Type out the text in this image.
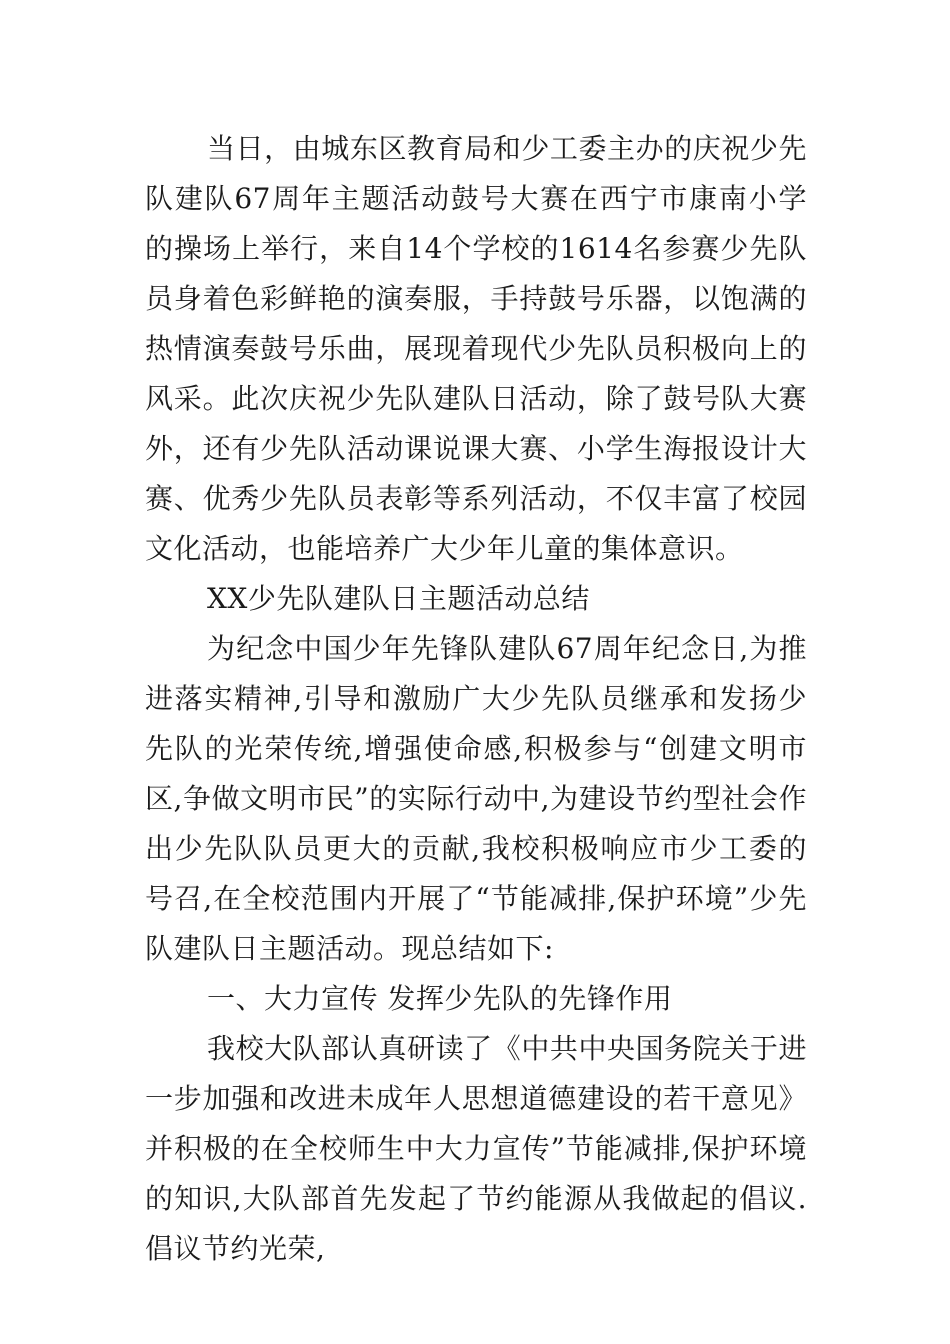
当日，由城东区教育局和少工委主办的庆祝少先队建队67周年主题活动鼓号大赛在西宁市康南小学的操场上举行，来自14个学校的1614名参赛少先队员身着色彩鲜艳的演奏服，手持鼓号乐器，以饱满的热情演奏鼓号乐曲，展现着现代少先队员积极向上的风采。此次庆祝少先队建队日活动，除了鼓号队大赛外，还有少先队活动课说课大赛、小学生海报设计大赛、优秀少先队员表彰等系列活动，不仅丰富了校园文化活动，也能培养广大少年儿童的集体意识。

XX少先队建队日主题活动总结

为纪念中国少年先锋队建队67周年纪念日,为推进落实精神,引导和激励广大少先队员继承和发扬少先队的光荣传统,增强使命感,积极参与“创建文明市区,争做文明市民”的实际行动中,为建设节约型社会作出少先队队员更大的贡献,我校积极响应市少工委的号召,在全校范围内开展了“节能减排,保护环境”少先队建队日主题活动。现总结如下:

一、大力宣传 发挥少先队的先锋作用

我校大队部认真研读了《中共中央国务院关于进一步加强和改进未成年人思想道德建设的若干意见》并积极的在全校师生中大力宣传”节能减排,保护环境的知识,大队部首先发起了节约能源从我做起的倡议. 倡议节约光荣,
